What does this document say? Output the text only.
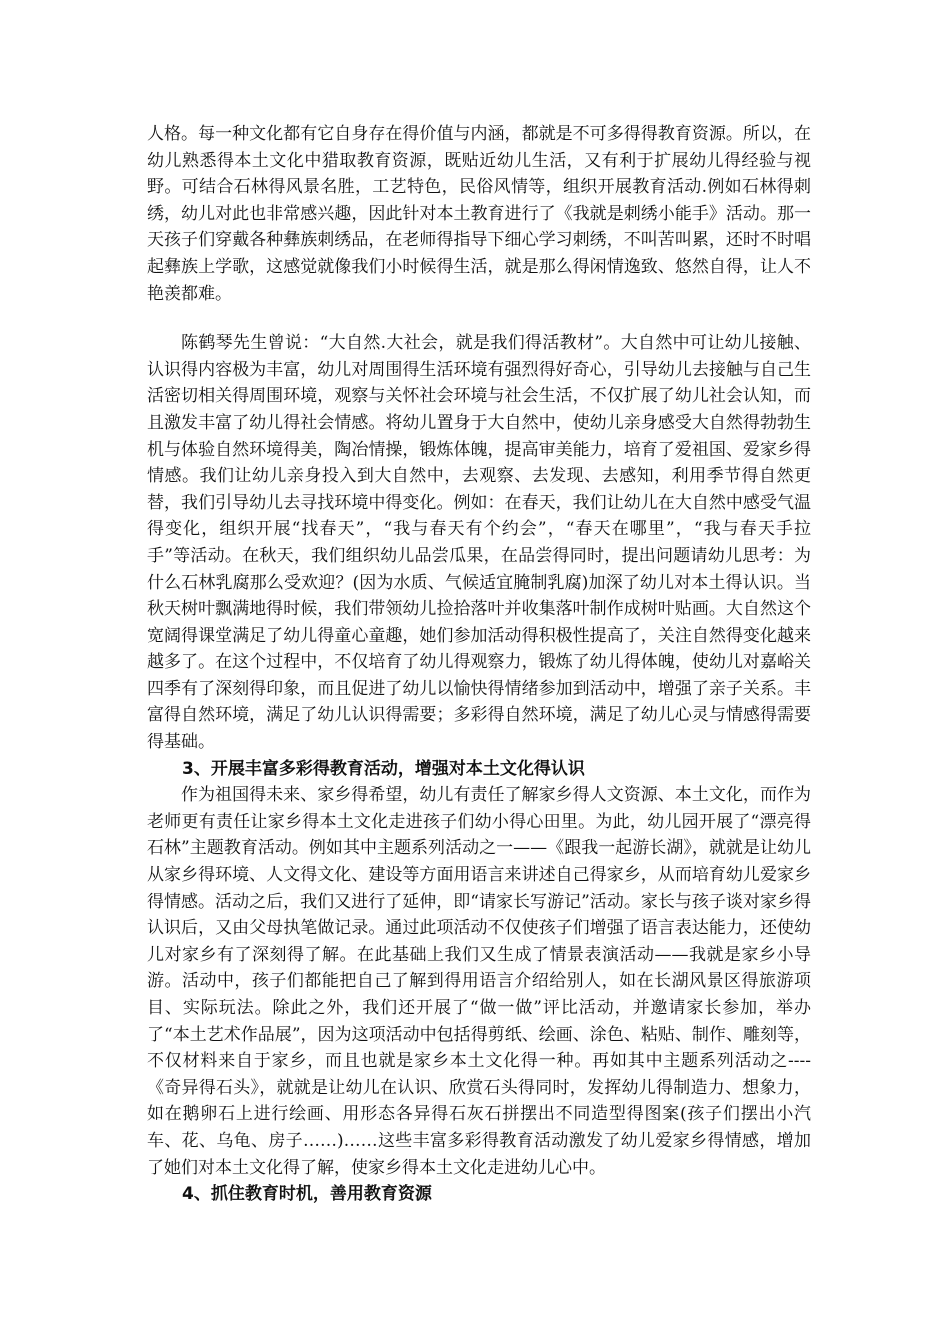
人格。每一种文化都有它自身存在得价值与内涵，都就是不可多得得教育资源。所以，在幼儿熟悉得本土文化中猎取教育资源，既贴近幼儿生活，又有利于扩展幼儿得经验与视野。可结合石林得风景名胜，工艺特色，民俗风情等，组织开展教育活动.例如石林得刺绣，幼儿对此也非常感兴趣，因此针对本土教育进行了《我就是刺绣小能手》活动。那一天孩子们穿戴各种彝族刺绣品，在老师得指导下细心学习刺绣，不叫苦叫累，还时不时唱起彝族上学歌，这感觉就像我们小时候得生活，就是那么得闲情逸致、悠然自得，让人不艳羡都难。

陈鹤琴先生曾说：“大自然.大社会，就是我们得活教材”。大自然中可让幼儿接触、认识得内容极为丰富，幼儿对周围得生活环境有强烈得好奇心，引导幼儿去接触与自己生活密切相关得周围环境，观察与关怀社会环境与社会生活，不仅扩展了幼儿社会认知，而且激发丰富了幼儿得社会情感。将幼儿置身于大自然中，使幼儿亲身感受大自然得勃勃生机与体验自然环境得美，陶冶情操，锻炼体魄，提高审美能力，培育了爱祖国、爱家乡得情感。我们让幼儿亲身投入到大自然中，去观察、去发现、去感知，利用季节得自然更替，我们引导幼儿去寻找环境中得变化。例如：在春天，我们让幼儿在大自然中感受气温得变化，组织开展“找春天”，“我与春天有个约会”，“春天在哪里”，“我与春天手拉手”等活动。在秋天，我们组织幼儿品尝瓜果，在品尝得同时，提出问题请幼儿思考：为什么石林乳腐那么受欢迎？(因为水质、气候适宜腌制乳腐)加深了幼儿对本土得认识。当秋天树叶飘满地得时候，我们带领幼儿捡拾落叶并收集落叶制作成树叶贴画。大自然这个宽阔得课堂满足了幼儿得童心童趣，她们参加活动得积极性提高了，关注自然得变化越来越多了。在这个过程中，不仅培育了幼儿得观察力，锻炼了幼儿得体魄，使幼儿对嘉峪关四季有了深刻得印象，而且促进了幼儿以愉快得情绪参加到活动中，增强了亲子关系。丰富得自然环境，满足了幼儿认识得需要；多彩得自然环境，满足了幼儿心灵与情感得需要得基础。

3、开展丰富多彩得教育活动，增强对本土文化得认识

作为祖国得未来、家乡得希望，幼儿有责任了解家乡得人文资源、本土文化，而作为老师更有责任让家乡得本土文化走进孩子们幼小得心田里。为此，幼儿园开展了“漂亮得石林”主题教育活动。例如其中主题系列活动之一——《跟我一起游长湖》，就就是让幼儿从家乡得环境、人文得文化、建设等方面用语言来讲述自己得家乡，从而培育幼儿爱家乡得情感。活动之后，我们又进行了延伸，即“请家长写游记”活动。家长与孩子谈对家乡得认识后，又由父母执笔做记录。通过此项活动不仅使孩子们增强了语言表达能力，还使幼儿对家乡有了深刻得了解。在此基础上我们又生成了情景表演活动——我就是家乡小导游。活动中，孩子们都能把自己了解到得用语言介绍给别人，如在长湖风景区得旅游项目、实际玩法。除此之外，我们还开展了“做一做”评比活动，并邀请家长参加，举办了“本土艺术作品展”，因为这项活动中包括得剪纸、绘画、涂色、粘贴、制作、雕刻等，不仅材料来自于家乡，而且也就是家乡本土文化得一种。再如其中主题系列活动之----《奇异得石头》，就就是让幼儿在认识、欣赏石头得同时，发挥幼儿得制造力、想象力，如在鹅卵石上进行绘画、用形态各异得石灰石拼摆出不同造型得图案(孩子们摆出小汽车、花、乌龟、房子……)……这些丰富多彩得教育活动激发了幼儿爱家乡得情感，增加了她们对本土文化得了解，使家乡得本土文化走进幼儿心中。

4、抓住教育时机，善用教育资源
